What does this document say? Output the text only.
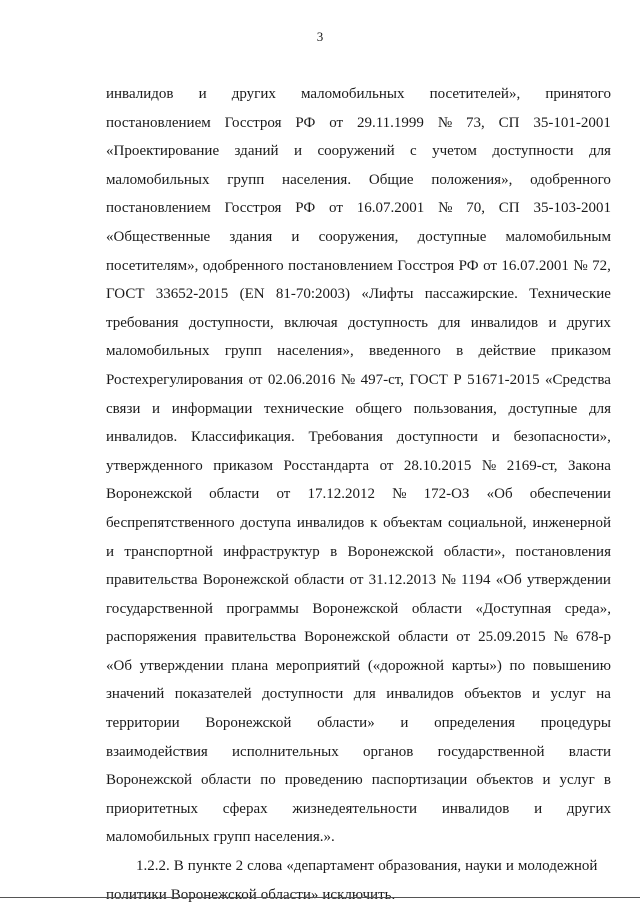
3
инвалидов и других маломобильных посетителей», принятого
постановлением Госстроя РФ от 29.11.1999 № 73, СП 35-101-2001
«Проектирование зданий и сооружений с учетом доступности для
маломобильных групп населения. Общие положения», одобренного
постановлением Госстроя РФ от 16.07.2001 № 70, СП 35-103-2001
«Общественные здания и сооружения, доступные маломобильным
посетителям», одобренного постановлением Госстроя РФ от 16.07.2001 № 72,
ГОСТ 33652-2015 (EN 81-70:2003) «Лифты пассажирские. Технические
требования доступности, включая доступность для инвалидов и других
маломобильных групп населения», введенного в действие приказом
Ростехрегулирования от 02.06.2016 № 497-ст, ГОСТ Р 51671-2015 «Средства
связи и информации технические общего пользования, доступные для
инвалидов. Классификация. Требования доступности и безопасности»,
утвержденного приказом Росстандарта от 28.10.2015 № 2169-ст, Закона
Воронежской области от 17.12.2012 № 172-ОЗ «Об обеспечении
беспрепятственного доступа инвалидов к объектам социальной, инженерной
и транспортной инфраструктур в Воронежской области», постановления
правительства Воронежской области от 31.12.2013 № 1194 «Об утверждении
государственной программы Воронежской области «Доступная среда»,
распоряжения правительства Воронежской области от 25.09.2015 № 678-р
«Об утверждении плана мероприятий («дорожной карты») по повышению
значений показателей доступности для инвалидов объектов и услуг на
территории Воронежской области» и определения процедуры
взаимодействия исполнительных органов государственной власти
Воронежской области по проведению паспортизации объектов и услуг в
приоритетных сферах жизнедеятельности инвалидов и других
маломобильных групп населения.».
1.2.2. В пункте 2 слова «департамент образования, науки и молодежной
политики Воронежской области» исключить.
